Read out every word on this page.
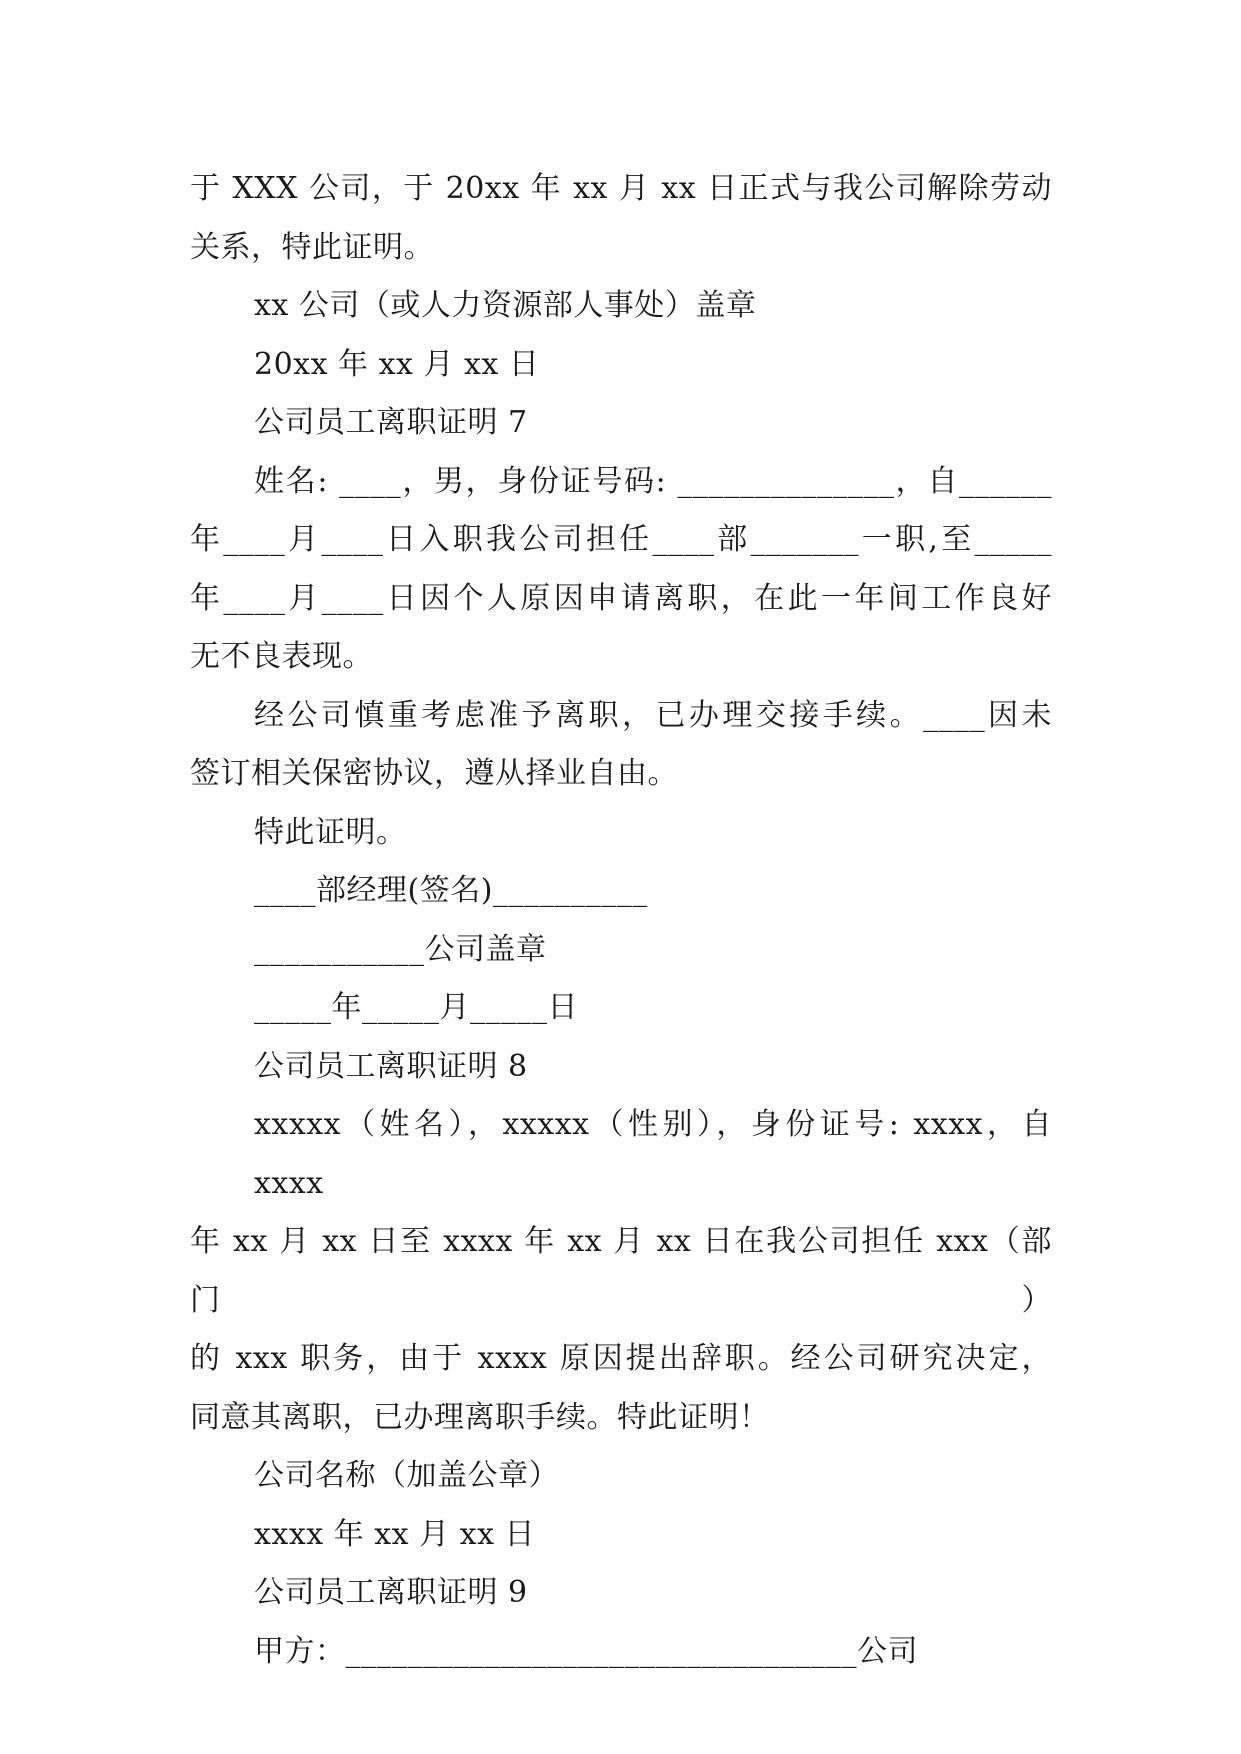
于 XXX 公司，于 20xx 年 xx 月 xx 日正式与我公司解除劳动

关系，特此证明。

xx 公司（或人力资源部人事处）盖章

20xx 年 xx 月 xx 日

公司员工离职证明 7

姓名: ____，男，身份证号码: ______________，自______

年____月____日入职我公司担任____部_______一职,至_____

年____月____日因个人原因申请离职，在此一年间工作良好

无不良表现。

经公司慎重考虑准予离职，已办理交接手续。____因未

签订相关保密协议，遵从择业自由。

特此证明。

____部经理(签名)__________

___________公司盖章

_____年_____月_____日

公司员工离职证明 8

xxxxx（姓名），xxxxx（性别），身份证号: xxxx，自 xxxx

年 xx 月 xx 日至 xxxx 年 xx 月 xx 日在我公司担任 xxx（部门）

的 xxx 职务，由于 xxxx 原因提出辞职。经公司研究决定，

同意其离职，已办理离职手续。特此证明！

公司名称（加盖公章）

xxxx 年 xx 月 xx 日

公司员工离职证明 9

甲方：_________________________________公司
